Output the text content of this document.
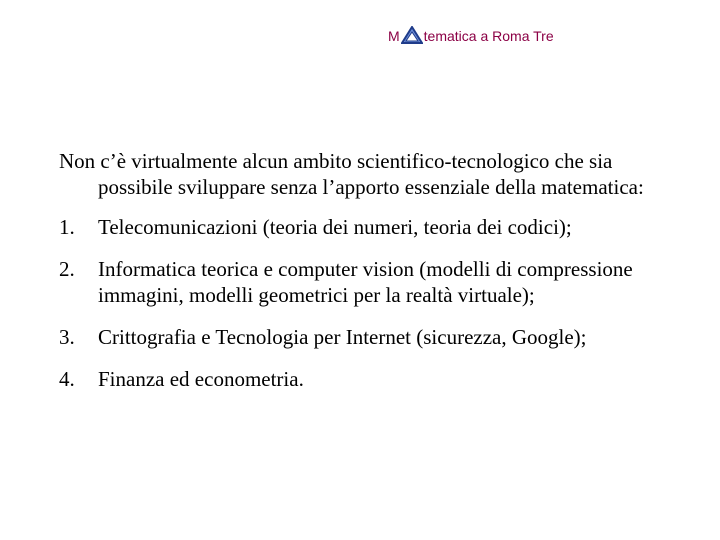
M tematica a Roma Tre

Non c’è virtualmente alcun ambito scientifico-tecnologico che sia possibile sviluppare senza l’apporto essenziale della matematica:

1.	Telecomunicazioni (teoria dei numeri, teoria dei codici);
2.	Informatica teorica e computer vision (modelli di compressione immagini, modelli geometrici per la realtà virtuale);
3.	Crittografia e Tecnologia per Internet (sicurezza, Google);
4.	Finanza ed econometria.
